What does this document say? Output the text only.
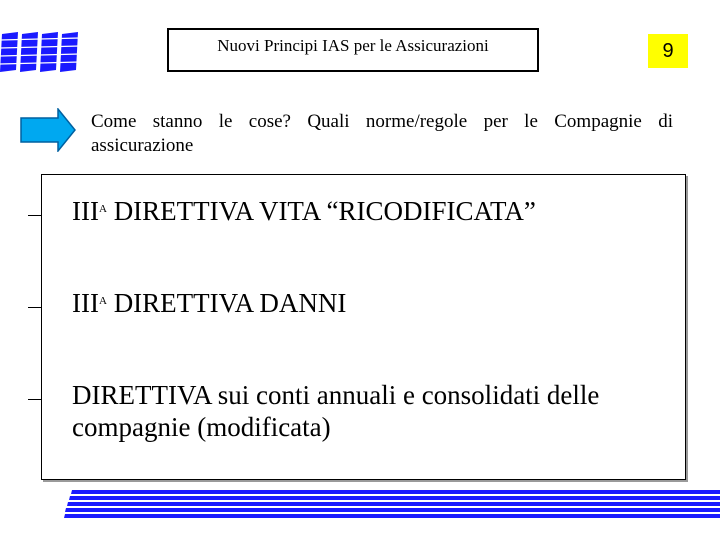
Nuovi Principi IAS per le Assicurazioni	9
Come stanno le cose? Quali norme/regole per le Compagnie di assicurazione
$III^A$ DIRETTIVA VITA “RICODIFICATA”
$III^A$ DIRETTIVA DANNI
DIRETTIVA sui conti annuali e consolidati delle compagnie (modificata)
